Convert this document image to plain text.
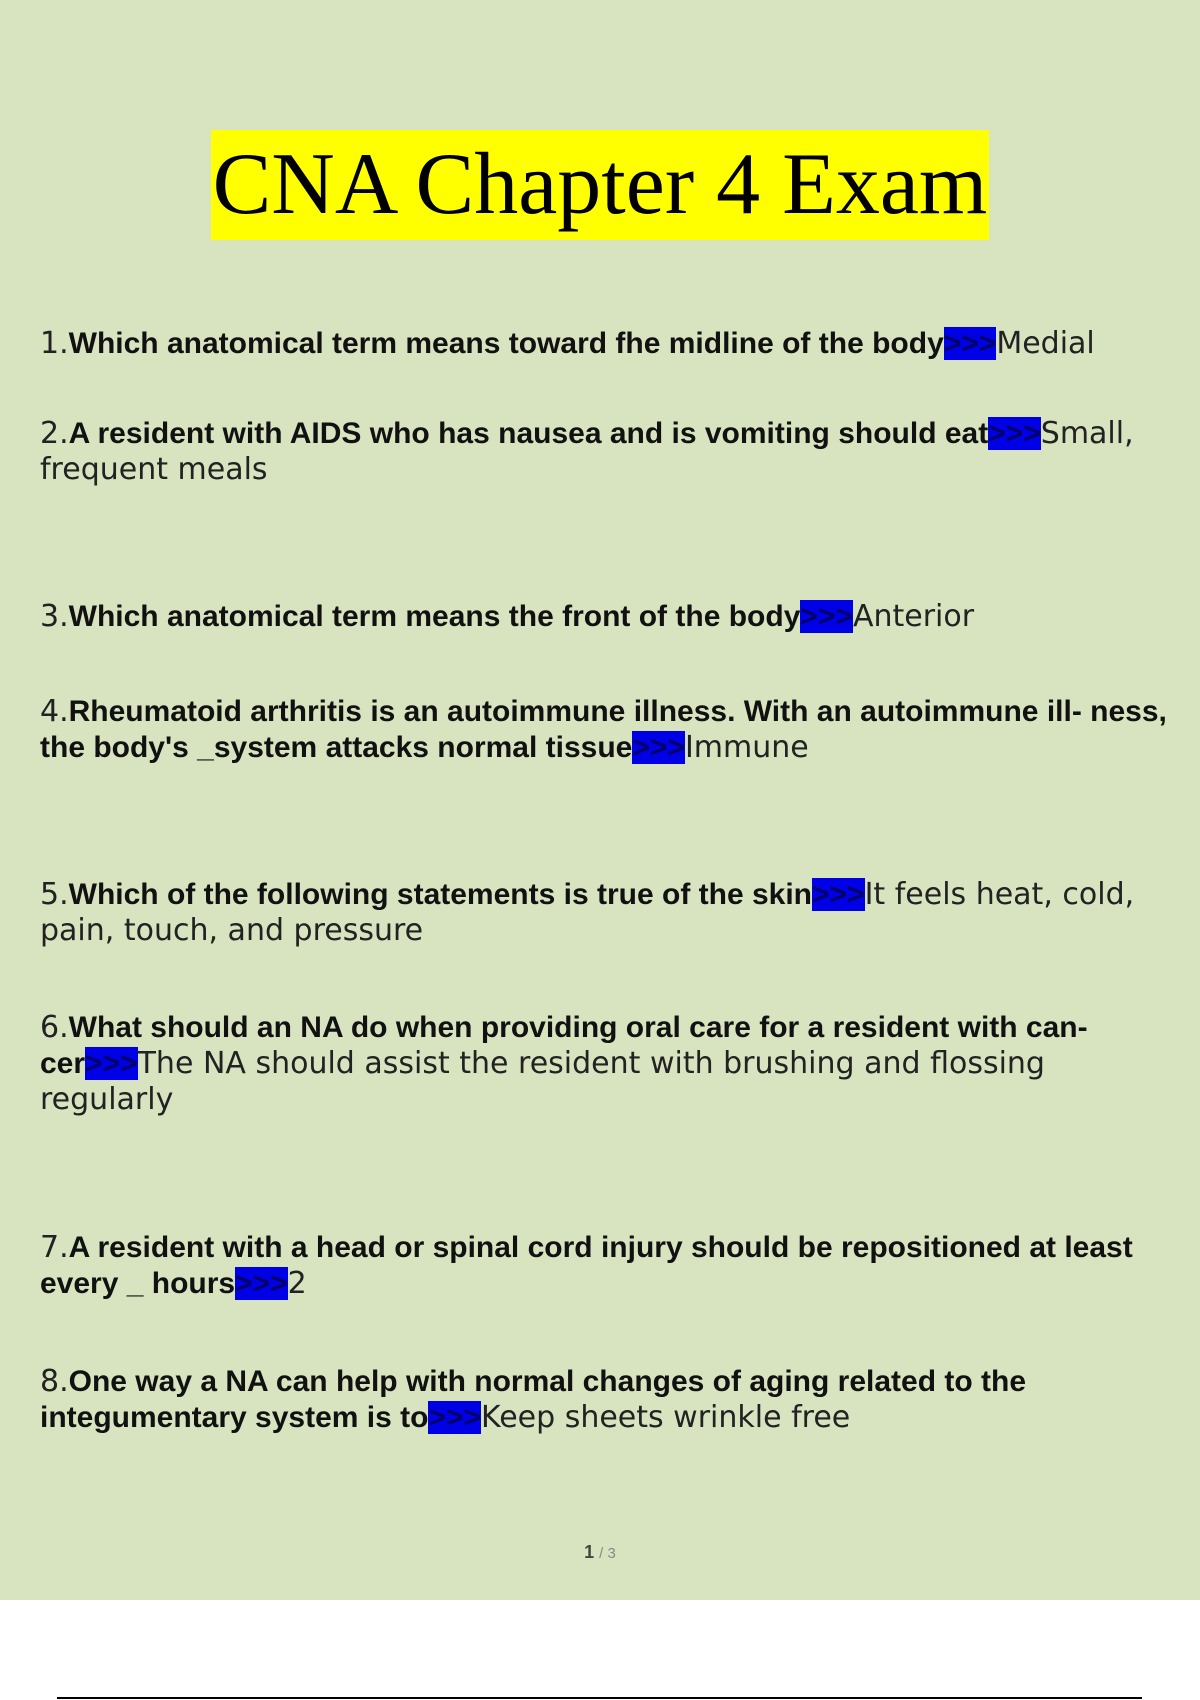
CNA Chapter 4 Exam
1.Which anatomical term means toward fhe midline of the body>>>Medial
2.A resident with AIDS who has nausea and is vomiting should eat>>>Small, frequent meals
3.Which anatomical term means the front of the body>>>Anterior
4.Rheumatoid arthritis is an autoimmune illness. With an autoimmune ill- ness, the body's _system attacks normal tissue>>>Immune
5.Which of the following statements is true of the skin>>>It feels heat, cold, pain, touch, and pressure
6.What should an NA do when providing oral care for a resident with can- cer>>>The NA should assist the resident with brushing and flossing regularly
7.A resident with a head or spinal cord injury should be repositioned at least every _ hours>>>2
8.One way a NA can help with normal changes of aging related to the integumentary system is to>>>Keep sheets wrinkle free
1 / 3
